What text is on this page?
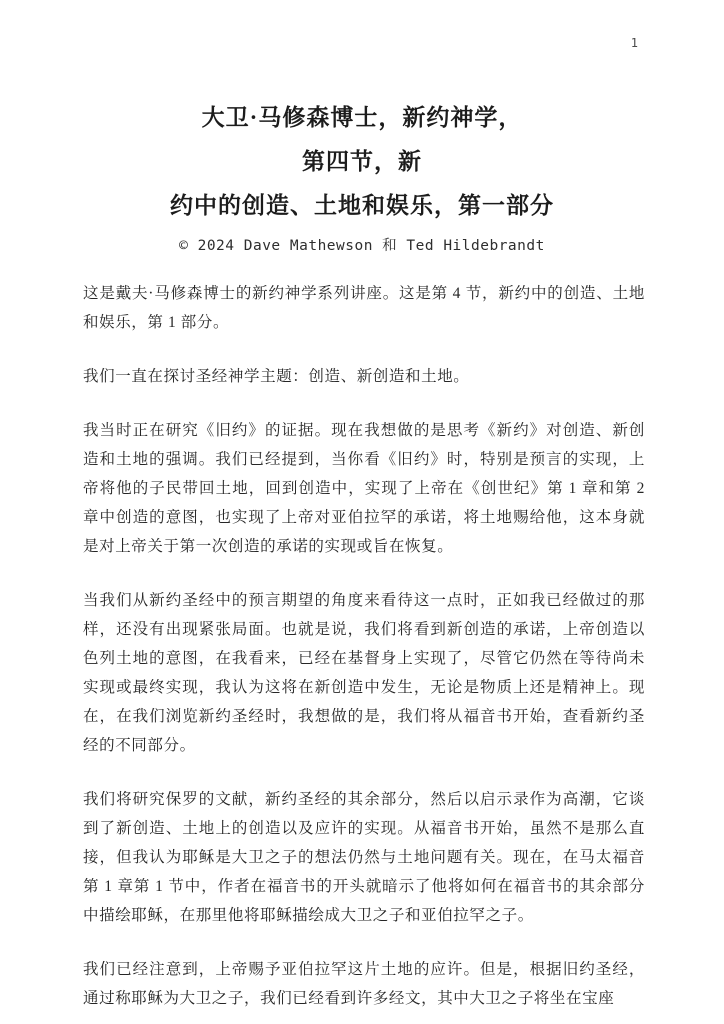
1
大卫·马修森博士，新约神学，
第四节，新
约中的创造、土地和娱乐，第一部分
© 2024 Dave Mathewson 和 Ted Hildebrandt

这是戴夫·马修森博士的新约神学系列讲座。这是第 4 节，新约中的创造、土地和娱乐，第 1 部分。

我们一直在探讨圣经神学主题：创造、新创造和土地。

我当时正在研究《旧约》的证据。现在我想做的是思考《新约》对创造、新创造和土地的强调。我们已经提到，当你看《旧约》时，特别是预言的实现，上帝将他的子民带回土地，回到创造中，实现了上帝在《创世纪》第 1 章和第 2 章中创造的意图，也实现了上帝对亚伯拉罕的承诺，将土地赐给他，这本身就是对上帝关于第一次创造的承诺的实现或旨在恢复。

当我们从新约圣经中的预言期望的角度来看待这一点时，正如我已经做过的那样，还没有出现紧张局面。也就是说，我们将看到新创造的承诺，上帝创造以色列土地的意图，在我看来，已经在基督身上实现了，尽管它仍然在等待尚未实现或最终实现，我认为这将在新创造中发生，无论是物质上还是精神上。现在，在我们浏览新约圣经时，我想做的是，我们将从福音书开始，查看新约圣经的不同部分。

我们将研究保罗的文献，新约圣经的其余部分，然后以启示录作为高潮，它谈到了新创造、土地上的创造以及应许的实现。从福音书开始，虽然不是那么直接，但我认为耶稣是大卫之子的想法仍然与土地问题有关。现在，在马太福音第 1 章第 1 节中，作者在福音书的开头就暗示了他将如何在福音书的其余部分中描绘耶稣，在那里他将耶稣描绘成大卫之子和亚伯拉罕之子。

我们已经注意到，上帝赐予亚伯拉罕这片土地的应许。但是，根据旧约圣经，通过称耶稣为大卫之子，我们已经看到许多经文，其中大卫之子将坐在宝座
